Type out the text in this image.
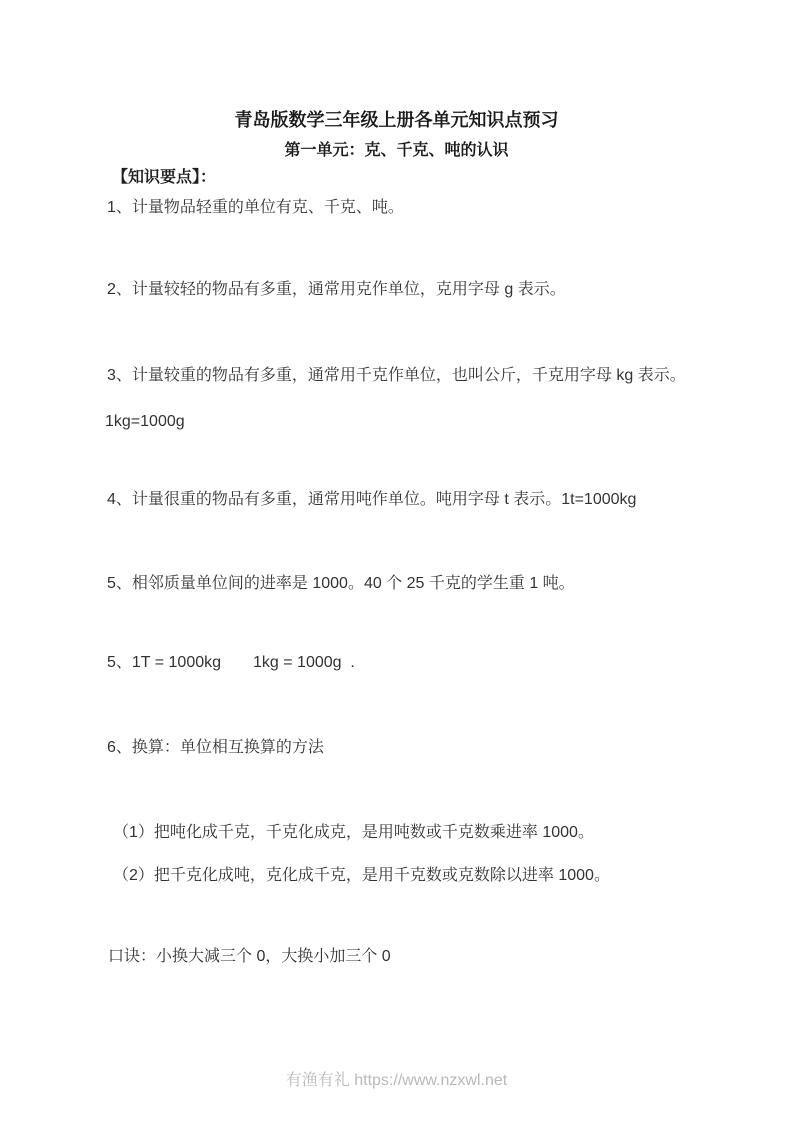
青岛版数学三年级上册各单元知识点预习
第一单元：克、千克、吨的认识
【知识要点】：
1、计量物品轻重的单位有克、千克、吨。
2、计量较轻的物品有多重，通常用克作单位，克用字母 g 表示。
3、计量较重的物品有多重，通常用千克作单位，也叫公斤，千克用字母 kg 表示。
1kg=1000g
4、计量很重的物品有多重，通常用吨作单位。吨用字母 t 表示。1t=1000kg
5、相邻质量单位间的进率是 1000。40 个 25 千克的学生重 1 吨。
5、1T = 1000kg　　1kg = 1000g  .
6、换算：单位相互换算的方法
（1）把吨化成千克，千克化成克，是用吨数或千克数乘进率 1000。
（2）把千克化成吨，克化成千克，是用千克数或克数除以进率 1000。
口诀：小换大减三个 0，大换小加三个 0
有渔有礼 https://www.nzxwl.net
